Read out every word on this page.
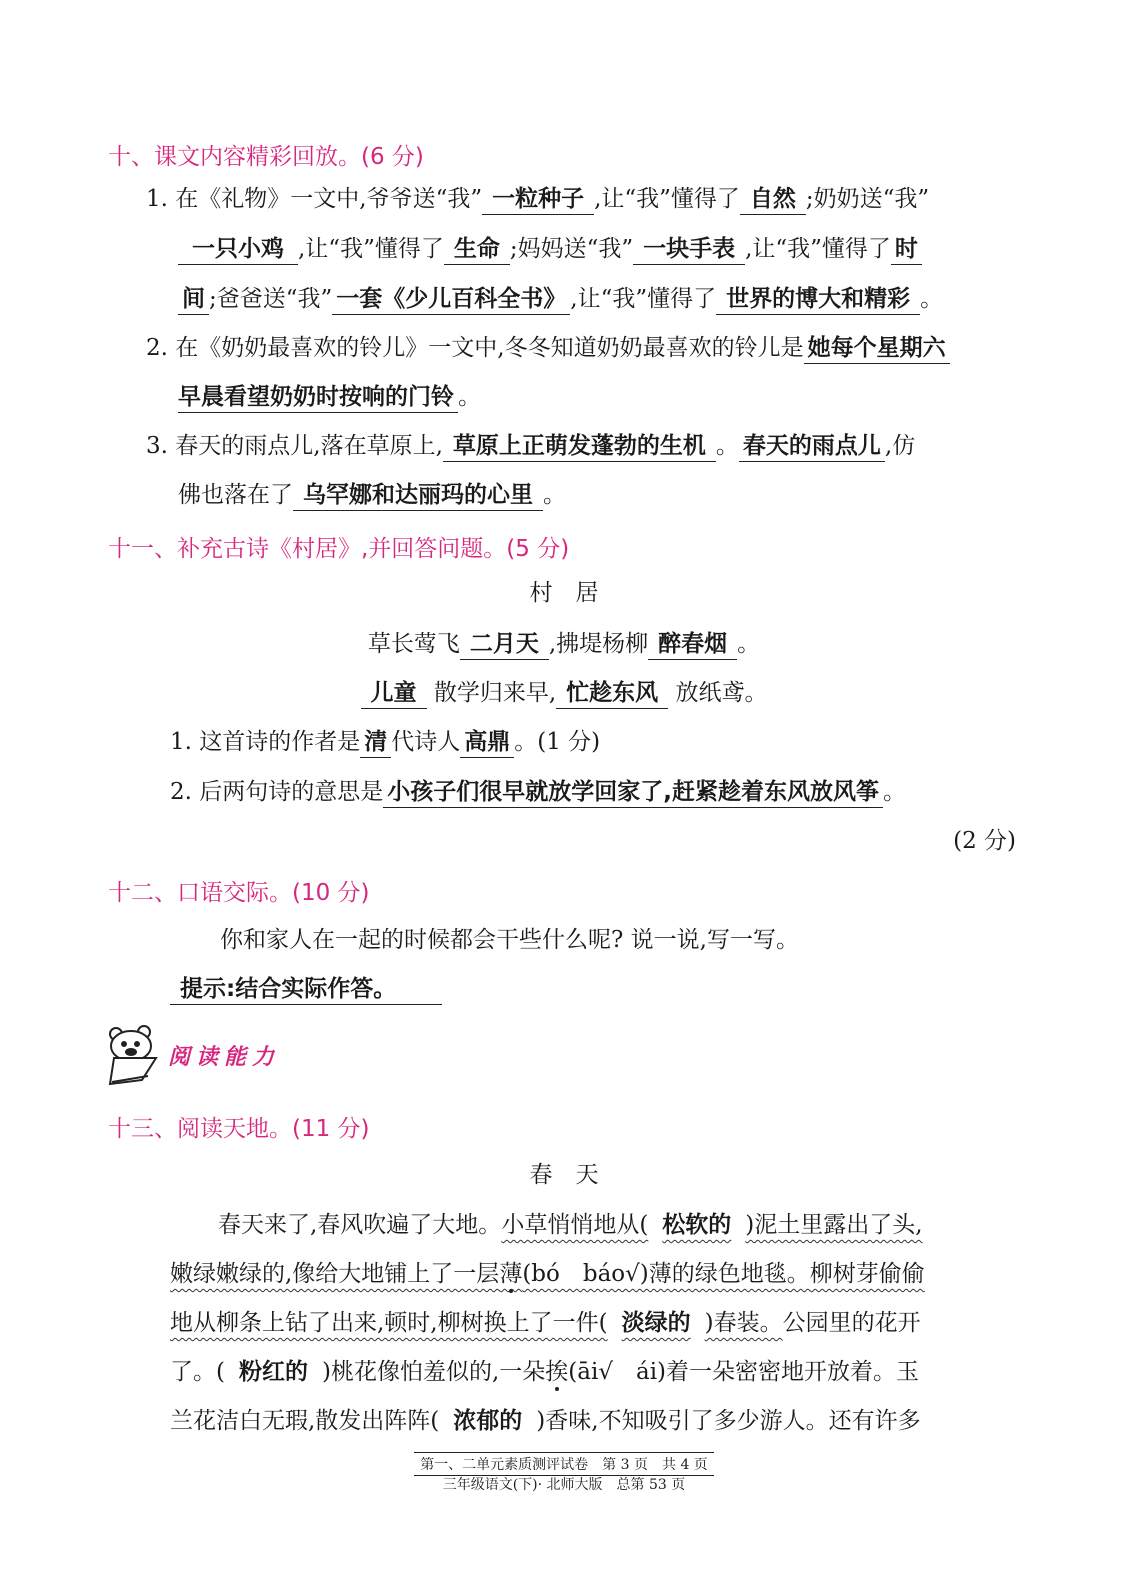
十、课文内容精彩回放。(6 分)
1. 在《礼物》一文中,爷爷送“我” 一粒种子 ,让“我”懂得了 自然 ;奶奶送“我”
一只小鸡 ,让“我”懂得了 生命 ;妈妈送“我” 一块手表 ,让“我”懂得了 时
间 ;爸爸送“我” 一套《少儿百科全书》 ,让“我”懂得了 世界的博大和精彩 。
2. 在《奶奶最喜欢的铃儿》一文中,冬冬知道奶奶最喜欢的铃儿是 她每个星期六
早晨看望奶奶时按响的门铃 。
3. 春天的雨点儿,落在草原上, 草原上正萌发蓬勃的生机 。 春天的雨点儿 ,仿
佛也落在了 乌罕娜和达丽玛的心里 。
十一、补充古诗《村居》,并回答问题。(5 分)
村　居
草长莺飞 二月天 ,拂堤杨柳 醉春烟 。
儿童 散学归来早, 忙趁东风 放纸鸢。
1. 这首诗的作者是 清 代诗人 高鼎 。(1 分)
2. 后两句诗的意思是 小孩子们很早就放学回家了,赶紧趁着东风放风筝 。
(2 分)
十二、口语交际。(10 分)
你和家人在一起的时候都会干些什么呢? 说一说,写一写。
提示:结合实际作答。
阅读能力
十三、阅读天地。(11 分)
春　天
春天来了,春风吹遍了大地。小草悄悄地从( 松软的 )泥土里露出了头,
嫩绿嫩绿的,像给大地铺上了一层薄(bó　báo√)薄的绿色地毯。柳树芽偷偷
地从柳条上钻了出来,顿时,柳树换上了一件( 淡绿的 )春装。公园里的花开
了。( 粉红的 )桃花像怕羞似的,一朵挨(āi√　ái)着一朵密密地开放着。玉
兰花洁白无瑕,散发出阵阵( 浓郁的 )香味,不知吸引了多少游人。还有许多
第一、二单元素质测评试卷　第 3 页　共 4 页
三年级语文(下)· 北师大版　总第 53 页
